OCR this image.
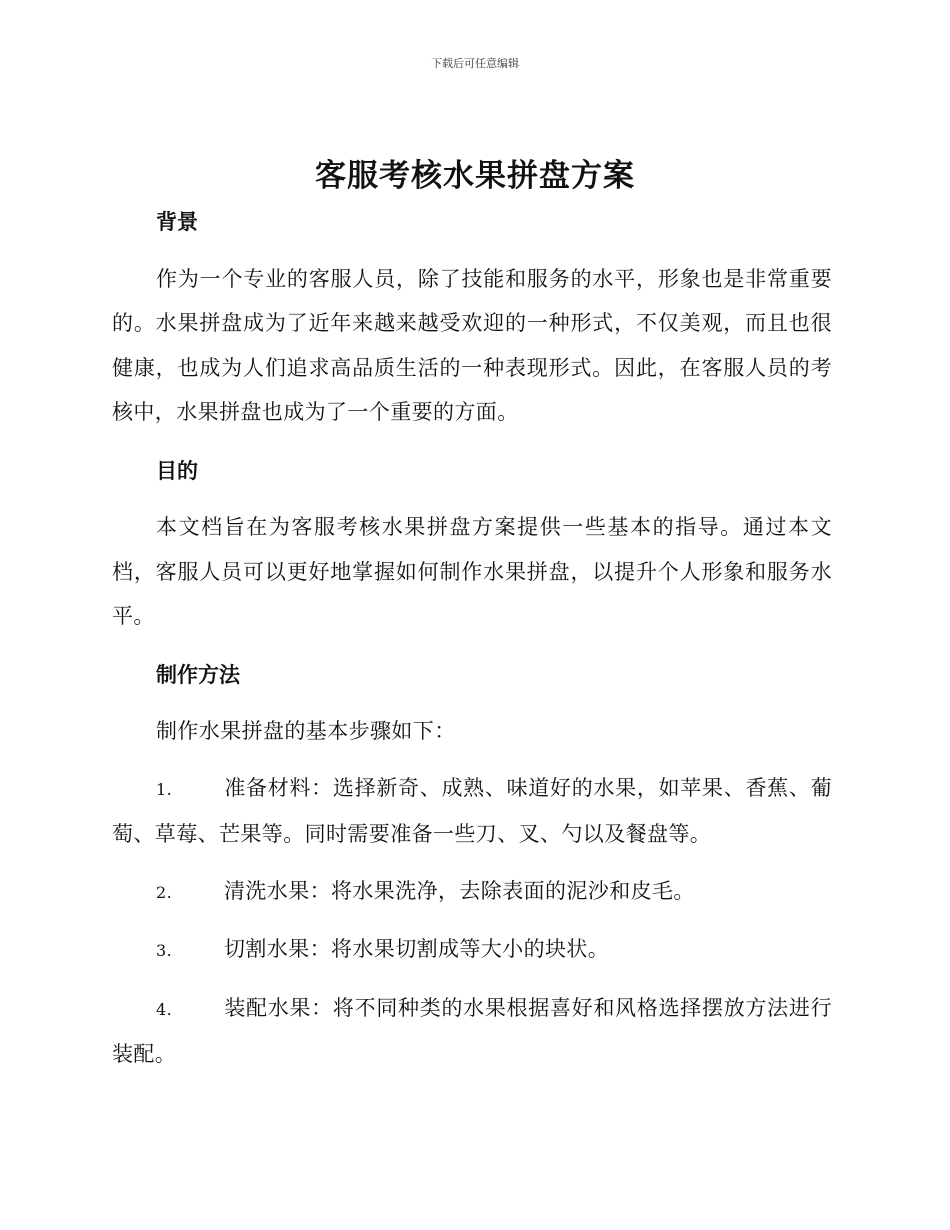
下载后可任意编辑
客服考核水果拼盘方案

背景

作为一个专业的客服人员，除了技能和服务的水平，形象也是非常重要的。水果拼盘成为了近年来越来越受欢迎的一种形式，不仅美观，而且也很健康，也成为人们追求高品质生活的一种表现形式。因此，在客服人员的考核中，水果拼盘也成为了一个重要的方面。

目的

本文档旨在为客服考核水果拼盘方案提供一些基本的指导。通过本文档，客服人员可以更好地掌握如何制作水果拼盘，以提升个人形象和服务水平。

制作方法

制作水果拼盘的基本步骤如下：

1. 准备材料：选择新奇、成熟、味道好的水果，如苹果、香蕉、葡萄、草莓、芒果等。同时需要准备一些刀、叉、勺以及餐盘等。

2. 清洗水果：将水果洗净，去除表面的泥沙和皮毛。

3. 切割水果：将水果切割成等大小的块状。

4. 装配水果：将不同种类的水果根据喜好和风格选择摆放方法进行装配。
